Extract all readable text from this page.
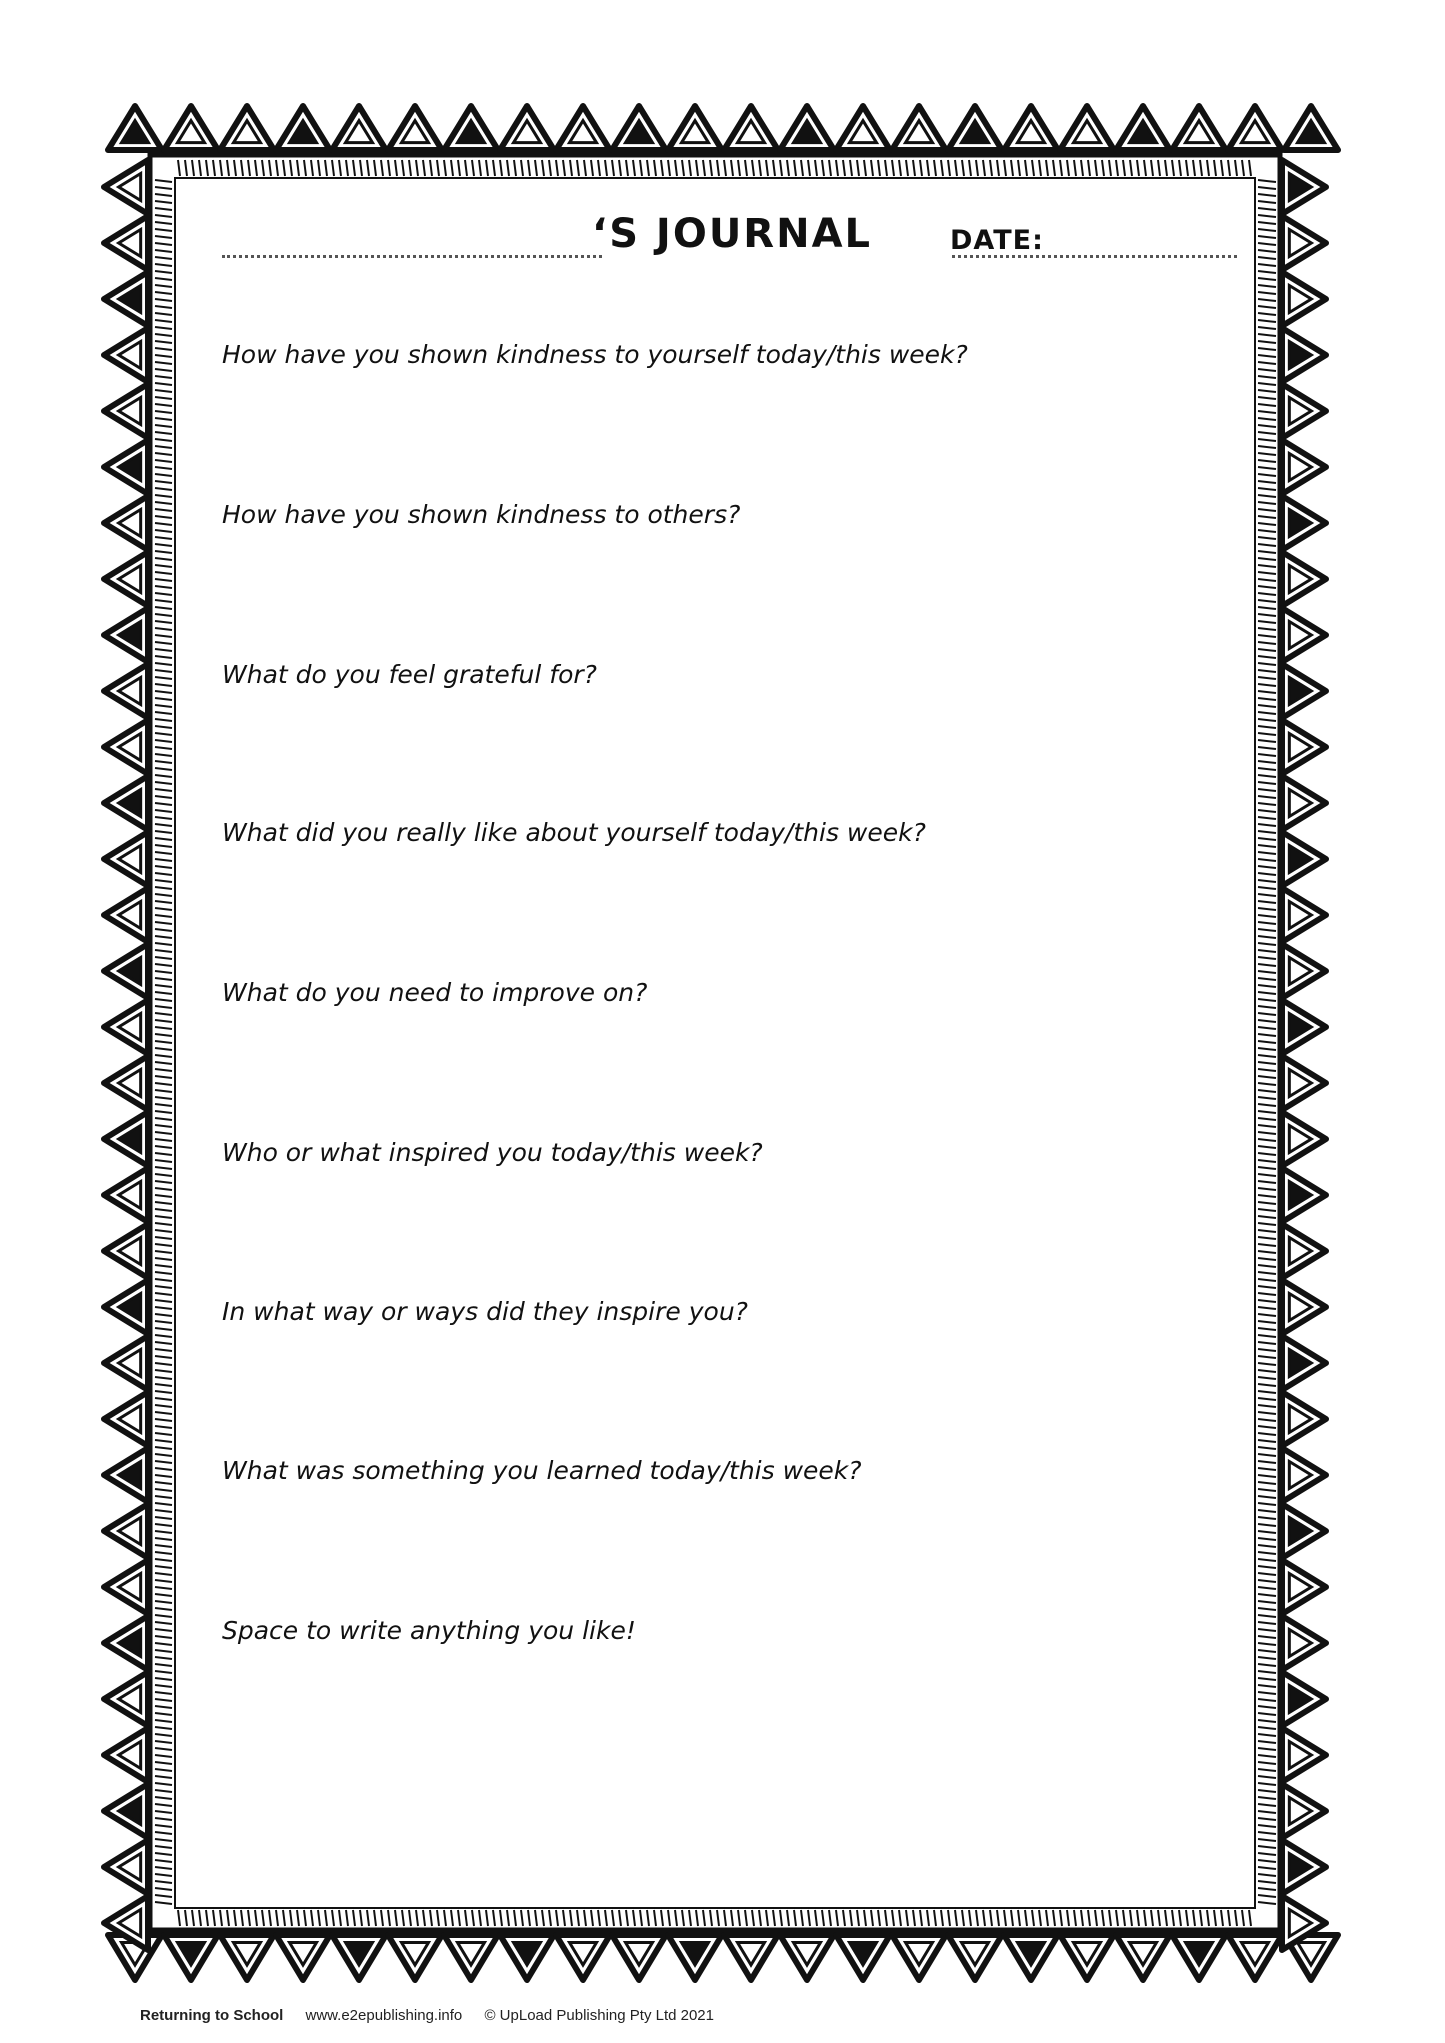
‘S JOURNAL	DATE:
How have you shown kindness to yourself today/this week?
How have you shown kindness to others?
What do you feel grateful for?
What did you really like about yourself today/this week?
What do you need to improve on?
Who or what inspired you today/this week?
In what way or ways did they inspire you?
What was something you learned today/this week?
Space to write anything you like!
Returning to School www.e2epublishing.info © UpLoad Publishing Pty Ltd 2021
